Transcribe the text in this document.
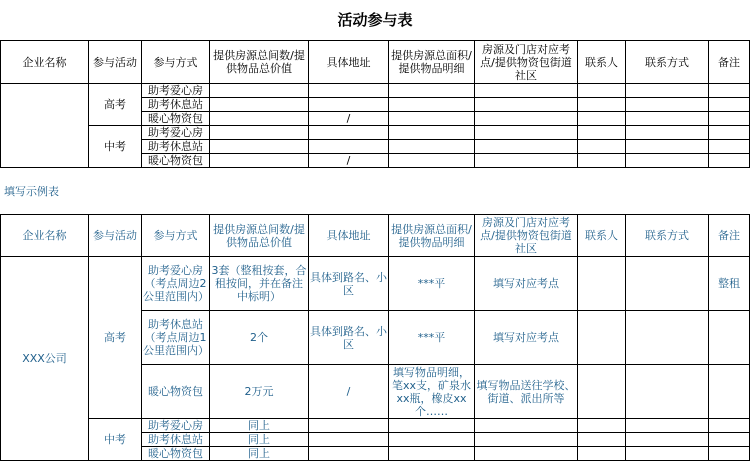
活动参与表
企业名称	参与活动	参与方式	提供房源总间数/提供物品总价值	具体地址	提供房源总面积/提供物品明细	房源及门店对应考点/提供物资包街道社区	联系人	联系方式	备注
	高考	助考爱心房							
		助考休息站							
		暖心物资包		/					
	中考	助考爱心房							
		助考休息站							
		暖心物资包		/					
填写示例表
企业名称	参与活动	参与方式	提供房源总间数/提供物品总价值	具体地址	提供房源总面积/提供物品明细	房源及门店对应考点/提供物资包街道社区	联系人	联系方式	备注
XXX公司	高考	助考爱心房（考点周边2公里范围内）	3套（整租按套，合租按间，并在备注中标明）	具体到路名、小区	***平	填写对应考点			整租
		助考休息站（考点周边1公里范围内）	2个	具体到路名、小区	***平	填写对应考点			
		暖心物资包	2万元	/	填写物品明细，笔xx支，矿泉水xx瓶，橡皮xx个……	填写物品送往学校、街道、派出所等			
	中考	助考爱心房	同上						
		助考休息站	同上						
		暖心物资包	同上						
